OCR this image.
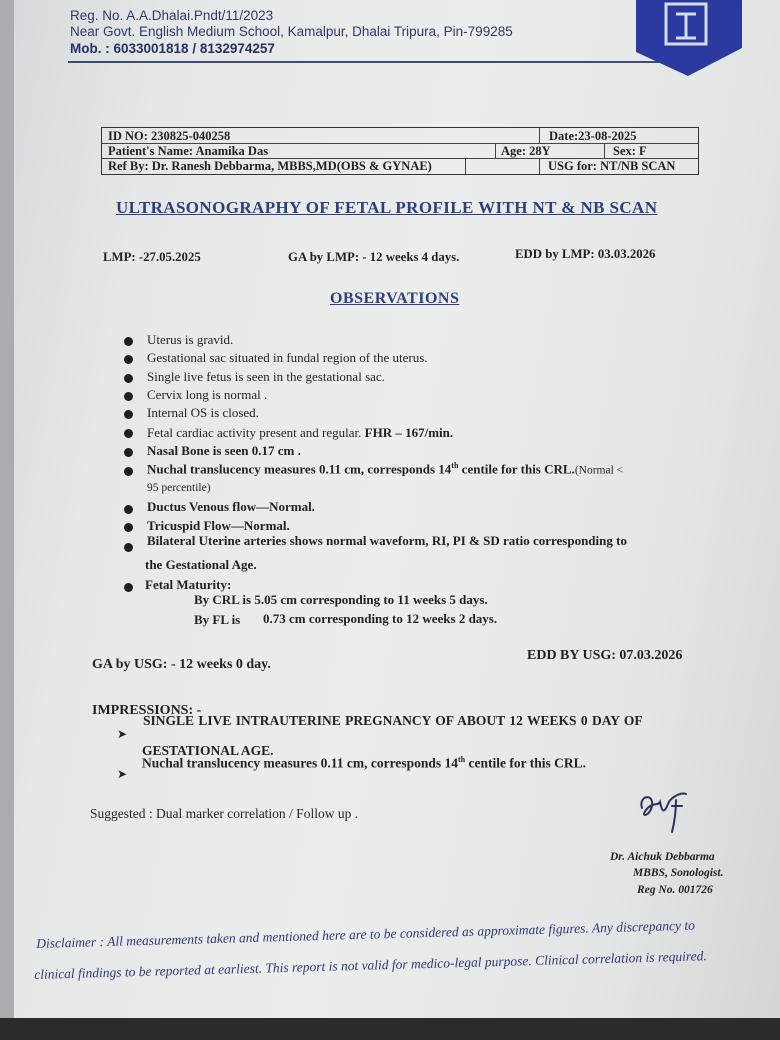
Reg. No. A.A.Dhalai.Pndt/11/2023
Near Govt. English Medium School, Kamalpur, Dhalai Tripura, Pin-799285
Mob. : 6033001818 / 8132974257
ID NO: 230825-040258	Date:23-08-2025
Patient's Name: Anamika Das	Age: 28Y	Sex: F
Ref By: Dr. Ranesh Debbarma, MBBS,MD(OBS & GYNAE)	USG for: NT/NB SCAN
ULTRASONOGRAPHY OF FETAL PROFILE WITH NT & NB SCAN
LMP: -27.05.2025	GA by LMP: - 12 weeks 4 days.	EDD by LMP: 03.03.2026
OBSERVATIONS
Uterus is gravid.
Gestational sac situated in fundal region of the uterus.
Single live fetus is seen in the gestational sac.
Cervix long is normal .
Internal OS is closed.
Fetal cardiac activity present and regular. FHR – 167/min.
Nasal Bone is seen 0.17 cm .
Nuchal translucency measures 0.11 cm, corresponds 14th centile for this CRL.(Normal <
95 percentile)
Ductus Venous flow—Normal.
Tricuspid Flow—Normal.
Bilateral Uterine arteries shows normal waveform, RI, PI & SD ratio corresponding to
the Gestational Age.
Fetal Maturity:
By CRL is 5.05 cm corresponding to 11 weeks 5 days.
By FL is 0.73 cm corresponding to 12 weeks 2 days.
GA by USG: - 12 weeks 0 day.
EDD BY USG: 07.03.2026
IMPRESSIONS: -
➤
SINGLE LIVE INTRAUTERINE PREGNANCY OF ABOUT 12 WEEKS 0 DAY OF
GESTATIONAL AGE.
➤
Nuchal translucency measures 0.11 cm, corresponds 14th centile for this CRL.
Suggested : Dual marker correlation / Follow up .
Dr. Aichuk Debbarma
MBBS, Sonologist.
Reg No. 001726
Disclaimer : All measurements taken and mentioned here are to be considered as approximate figures. Any discrepancy to
clinical findings to be reported at earliest. This report is not valid for medico-legal purpose. Clinical correlation is required.
